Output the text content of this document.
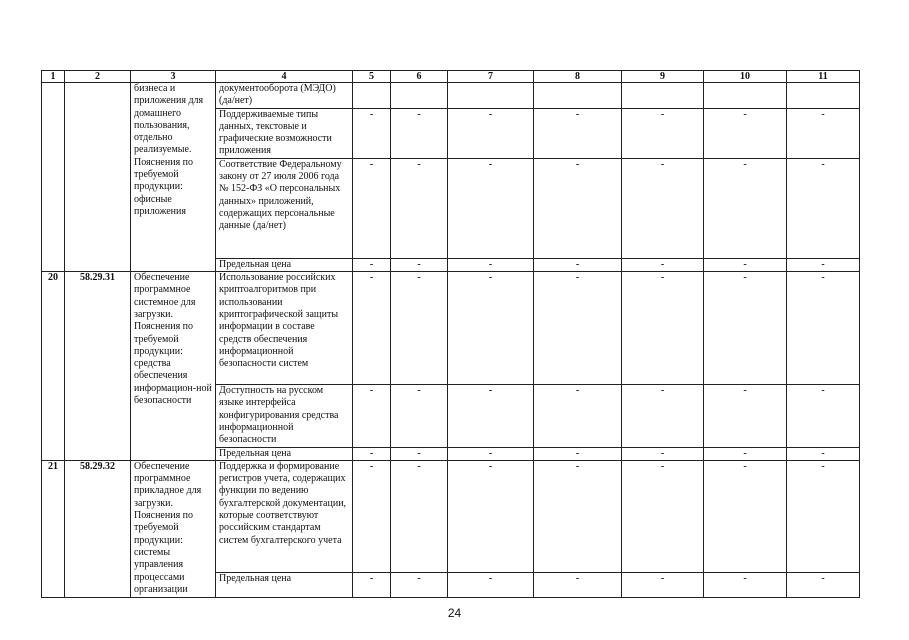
1	2	3	4	5	6	7	8	9	10	11
		бизнеса и приложения для домашнего пользования, отдельно реализуемые. Пояснения по требуемой продукции: офисные приложения	документооборота (МЭДО) (да/нет)							
			Поддерживаемые типы данных, текстовые и графические возможности приложения	-	-	-	-	-	-	-
			Соответствие Федеральному закону от 27 июля 2006 года № 152-ФЗ «О персональных данных» приложений, содержащих персональные данные (да/нет)	-	-	-	-	-	-	-
			Предельная цена	-	-	-	-	-	-	-
20	58.29.31	Обеспечение программное системное для загрузки. Пояснения по требуемой продукции: средства обеспечения информацион-ной безопасности	Использование российских криптоалгоритмов при использовании криптографической защиты информации в составе средств обеспечения информационной безопасности систем	-	-	-	-	-	-	-
			Доступность на русском языке интерфейса конфигурирования средства информационной безопасности	-	-	-	-	-	-	-
			Предельная цена	-	-	-	-	-	-	-
21	58.29.32	Обеспечение программное прикладное для загрузки. Пояснения по требуемой продукции: системы управления процессами организации	Поддержка и формирование регистров учета, содержащих функции по ведению бухгалтерской документации, которые соответствуют российским стандартам систем бухгалтерского учета	-	-	-	-	-	-	-
			Предельная цена	-	-	-	-	-	-	-
24
